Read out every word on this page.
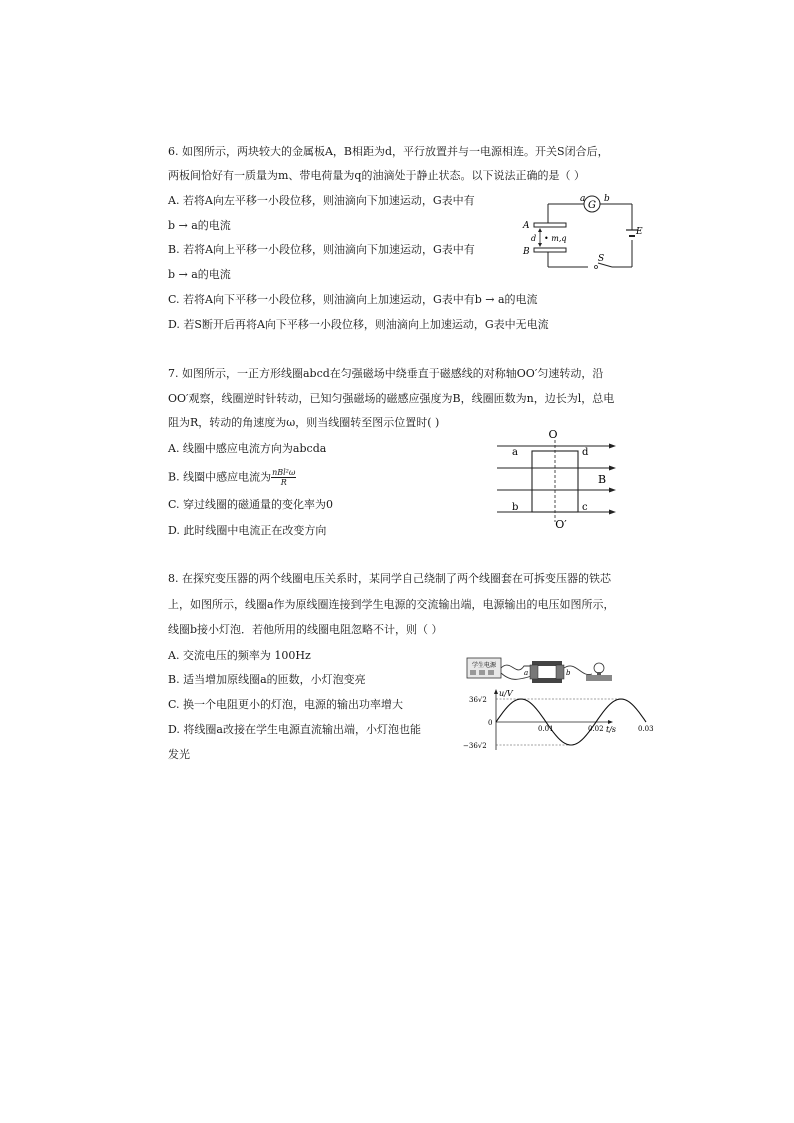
6. 如图所示，两块较大的金属板A，B相距为d，平行放置并与一电源相连。开关S闭合后，
两板间恰好有一质量为m、带电荷量为q的油滴处于静止状态。以下说法正确的是（ ）
A. 若将A向左平移一小段位移，则油滴向下加速运动，G表中有
b → a的电流
B. 若将A向上平移一小段位移，则油滴向下加速运动，G表中有
b → a的电流
C. 若将A向下平移一小段位移，则油滴向上加速运动，G表中有b → a的电流
D. 若S断开后再将A向下平移一小段位移，则油滴向上加速运动，G表中无电流
G
a b
A
B
d • m,q
E
S
7. 如图所示，一正方形线圈abcd在匀强磁场中绕垂直于磁感线的对称轴OO′匀速转动，沿
OO′观察，线圈逆时针转动，已知匀强磁场的磁感应强度为B，线圈匝数为n，边长为l，总电
阻为R，转动的角速度为ω，则当线圈转至图示位置时( )
A. 线圈中感应电流方向为abcda
B. 线圈中感应电流为 $\frac{\text{nBl²ω}}{R}$
C. 穿过线圈的磁通量的变化率为0
D. 此时线圈中电流正在改变方向
O
O′
a	d
b	c
B
8. 在探究变压器的两个线圈电压关系时，某同学自己绕制了两个线圈套在可拆变压器的铁芯
上，如图所示，线圈a作为原线圈连接到学生电源的交流输出端，电源输出的电压如图所示，
线圈b接小灯泡．若他所用的线圈电阻忽略不计，则（ ）
A. 交流电压的频率为 100Hz
B. 适当增加原线圈a的匝数，小灯泡变亮
C. 换一个电阻更小的灯泡，电源的输出功率增大
D. 将线圈a改接在学生电源直流输出端，小灯泡也能
发光
学生电源
a	b
0.01	0.02	0.03
0
36√2
−36√2
u/V
t/s
